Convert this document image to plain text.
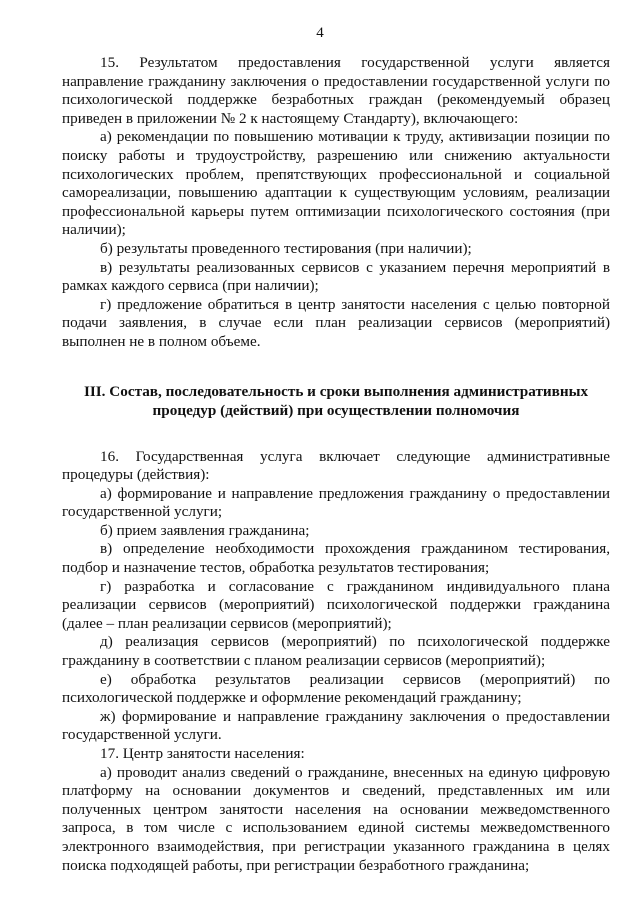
4

15. Результатом предоставления государственной услуги является направление гражданину заключения о предоставлении государственной услуги по психологической поддержке безработных граждан (рекомендуемый образец приведен в приложении № 2 к настоящему Стандарту), включающего:

а) рекомендации по повышению мотивации к труду, активизации позиции по поиску работы и трудоустройству, разрешению или снижению актуальности психологических проблем, препятствующих профессиональной и социальной самореализации, повышению адаптации к существующим условиям, реализации профессиональной карьеры путем оптимизации психологического состояния (при наличии);

б) результаты проведенного тестирования (при наличии);

в) результаты реализованных сервисов с указанием перечня мероприятий в рамках каждого сервиса (при наличии);

г) предложение обратиться в центр занятости населения с целью повторной подачи заявления, в случае если план реализации сервисов (мероприятий) выполнен не в полном объеме.

III. Состав, последовательность и сроки выполнения административных процедур (действий) при осуществлении полномочия

16. Государственная услуга включает следующие административные процедуры (действия):

а) формирование и направление предложения гражданину о предоставлении государственной услуги;

б) прием заявления гражданина;

в) определение необходимости прохождения гражданином тестирования, подбор и назначение тестов, обработка результатов тестирования;

г) разработка и согласование с гражданином индивидуального плана реализации сервисов (мероприятий) психологической поддержки гражданина (далее – план реализации сервисов (мероприятий);

д) реализация сервисов (мероприятий) по психологической поддержке гражданину в соответствии с планом реализации сервисов (мероприятий);

е) обработка результатов реализации сервисов (мероприятий) по психологической поддержке и оформление рекомендаций гражданину;

ж) формирование и направление гражданину заключения о предоставлении государственной услуги.

17. Центр занятости населения:

а) проводит анализ сведений о гражданине, внесенных на единую цифровую платформу на основании документов и сведений, представленных им или полученных центром занятости населения на основании межведомственного запроса, в том числе с использованием единой системы межведомственного электронного взаимодействия, при регистрации указанного гражданина в целях поиска подходящей работы, при регистрации безработного гражданина;
